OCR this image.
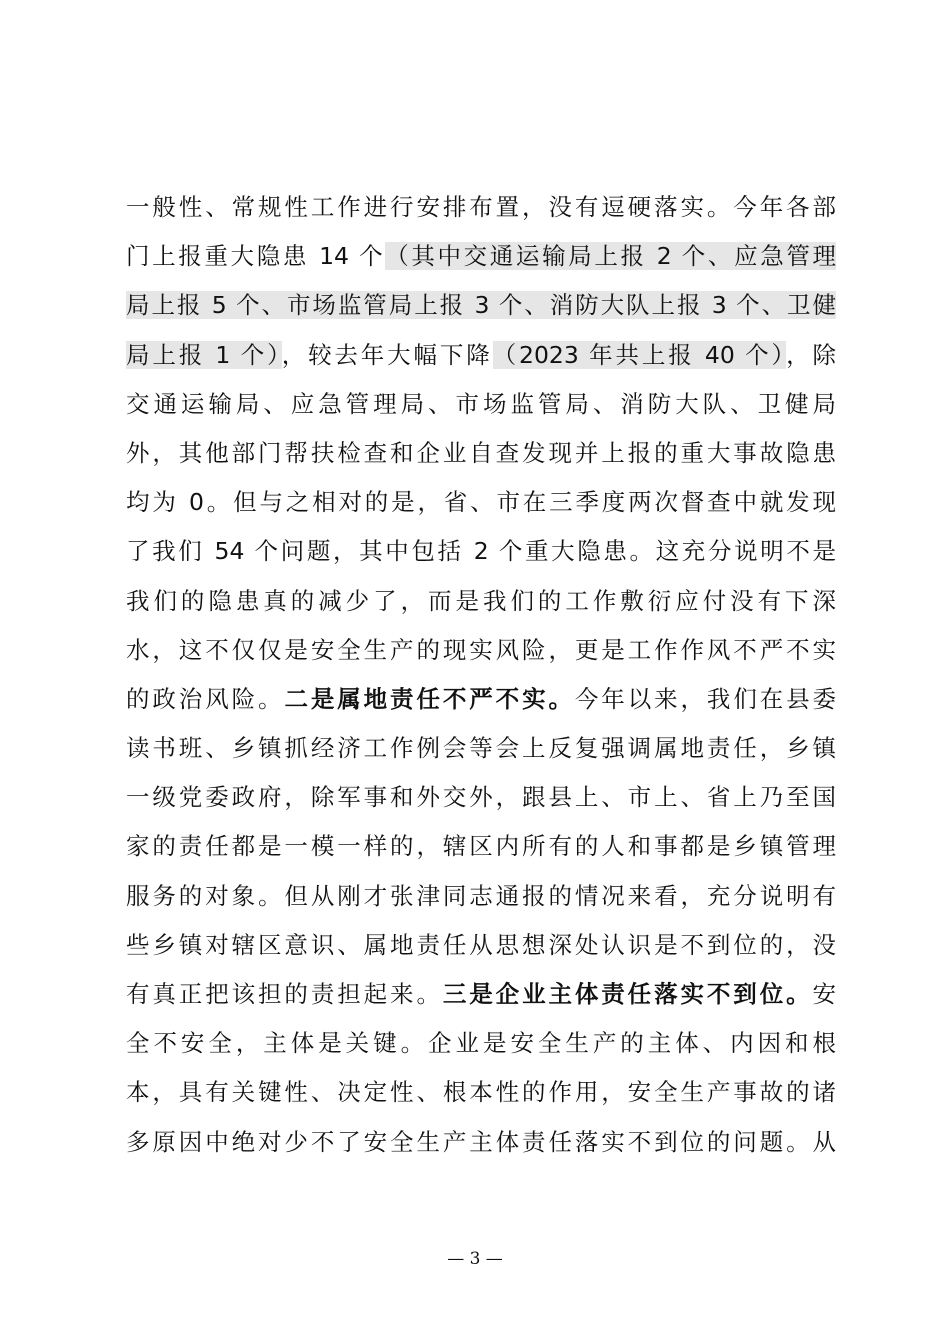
一般性、常规性工作进行安排布置，没有逗硬落实。今年各部
门上报重大隐患 14 个（其中交通运输局上报 2 个、应急管理
局上报 5 个、市场监管局上报 3 个、消防大队上报 3 个、卫健
局上报 1 个），较去年大幅下降（2023 年共上报 40 个），除
交通运输局、应急管理局、市场监管局、消防大队、卫健局
外，其他部门帮扶检查和企业自查发现并上报的重大事故隐患
均为 0。但与之相对的是，省、市在三季度两次督查中就发现
了我们 54 个问题，其中包括 2 个重大隐患。这充分说明不是
我们的隐患真的减少了，而是我们的工作敷衍应付没有下深
水，这不仅仅是安全生产的现实风险，更是工作作风不严不实
的政治风险。二是属地责任不严不实。今年以来，我们在县委
读书班、乡镇抓经济工作例会等会上反复强调属地责任，乡镇
一级党委政府，除军事和外交外，跟县上、市上、省上乃至国
家的责任都是一模一样的，辖区内所有的人和事都是乡镇管理
服务的对象。但从刚才张津同志通报的情况来看，充分说明有
些乡镇对辖区意识、属地责任从思想深处认识是不到位的，没
有真正把该担的责担起来。三是企业主体责任落实不到位。安
全不安全，主体是关键。企业是安全生产的主体、内因和根
本，具有关键性、决定性、根本性的作用，安全生产事故的诸
多原因中绝对少不了安全生产主体责任落实不到位的问题。从
— 3 —
